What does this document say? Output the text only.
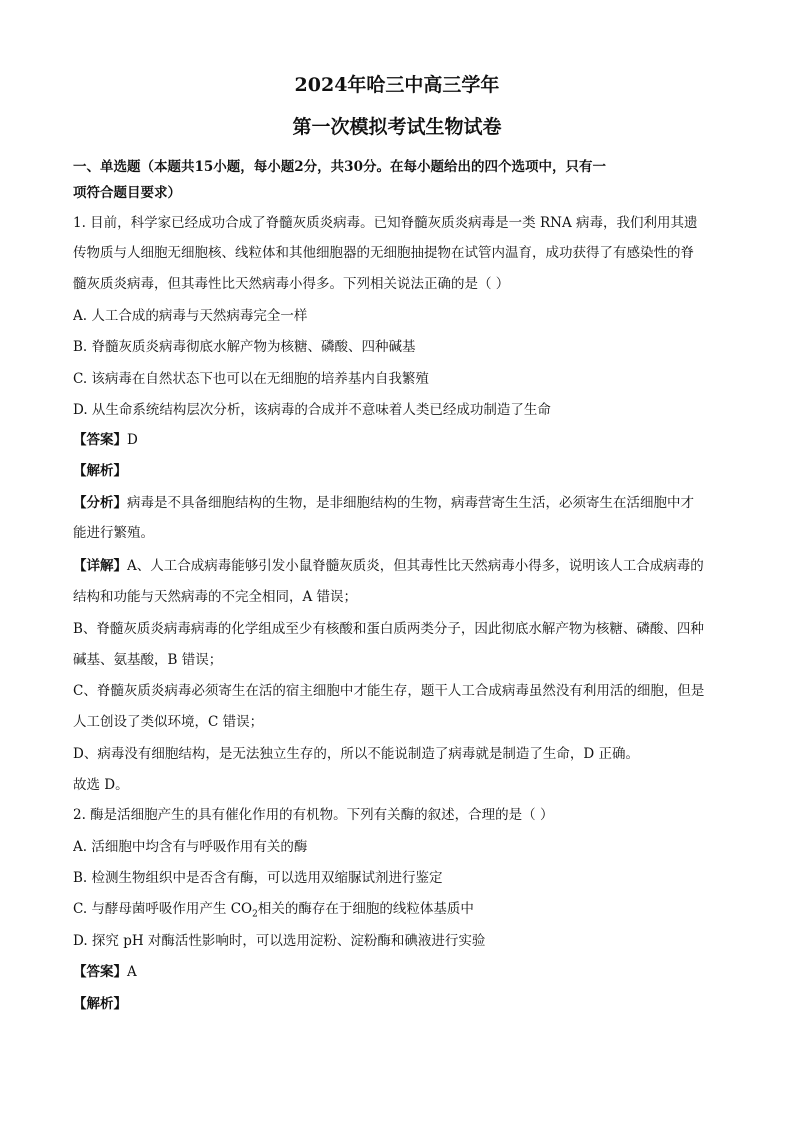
2024年哈三中高三学年
第一次模拟考试生物试卷
一、单选题（本题共15小题，每小题2分，共30分。在每小题给出的四个选项中，只有一
项符合题目要求）
1. 目前，科学家已经成功合成了脊髓灰质炎病毒。已知脊髓灰质炎病毒是一类 RNA 病毒，我们利用其遗
传物质与人细胞无细胞核、线粒体和其他细胞器的无细胞抽提物在试管内温育，成功获得了有感染性的脊
髓灰质炎病毒，但其毒性比天然病毒小得多。下列相关说法正确的是（ ）
A. 人工合成的病毒与天然病毒完全一样
B. 脊髓灰质炎病毒彻底水解产物为核糖、磷酸、四种碱基
C. 该病毒在自然状态下也可以在无细胞的培养基内自我繁殖
D. 从生命系统结构层次分析，该病毒的合成并不意味着人类已经成功制造了生命
【答案】D
【解析】
【分析】病毒是不具备细胞结构的生物，是非细胞结构的生物，病毒营寄生生活，必须寄生在活细胞中才
能进行繁殖。
【详解】A、人工合成病毒能够引发小鼠脊髓灰质炎，但其毒性比天然病毒小得多，说明该人工合成病毒的
结构和功能与天然病毒的不完全相同，A 错误；
B、脊髓灰质炎病毒病毒的化学组成至少有核酸和蛋白质两类分子，因此彻底水解产物为核糖、磷酸、四种
碱基、氨基酸，B 错误；
C、脊髓灰质炎病毒必须寄生在活的宿主细胞中才能生存，题干人工合成病毒虽然没有利用活的细胞，但是
人工创设了类似环境，C 错误；
D、病毒没有细胞结构，是无法独立生存的，所以不能说制造了病毒就是制造了生命，D 正确。
故选 D。
2. 酶是活细胞产生的具有催化作用的有机物。下列有关酶的叙述，合理的是（ ）
A. 活细胞中均含有与呼吸作用有关的酶
B. 检测生物组织中是否含有酶，可以选用双缩脲试剂进行鉴定
C. 与酵母菌呼吸作用产生 $CO_2$相关的酶存在于细胞的线粒体基质中
D. 探究 pH 对酶活性影响时，可以选用淀粉、淀粉酶和碘液进行实验
【答案】A
【解析】
